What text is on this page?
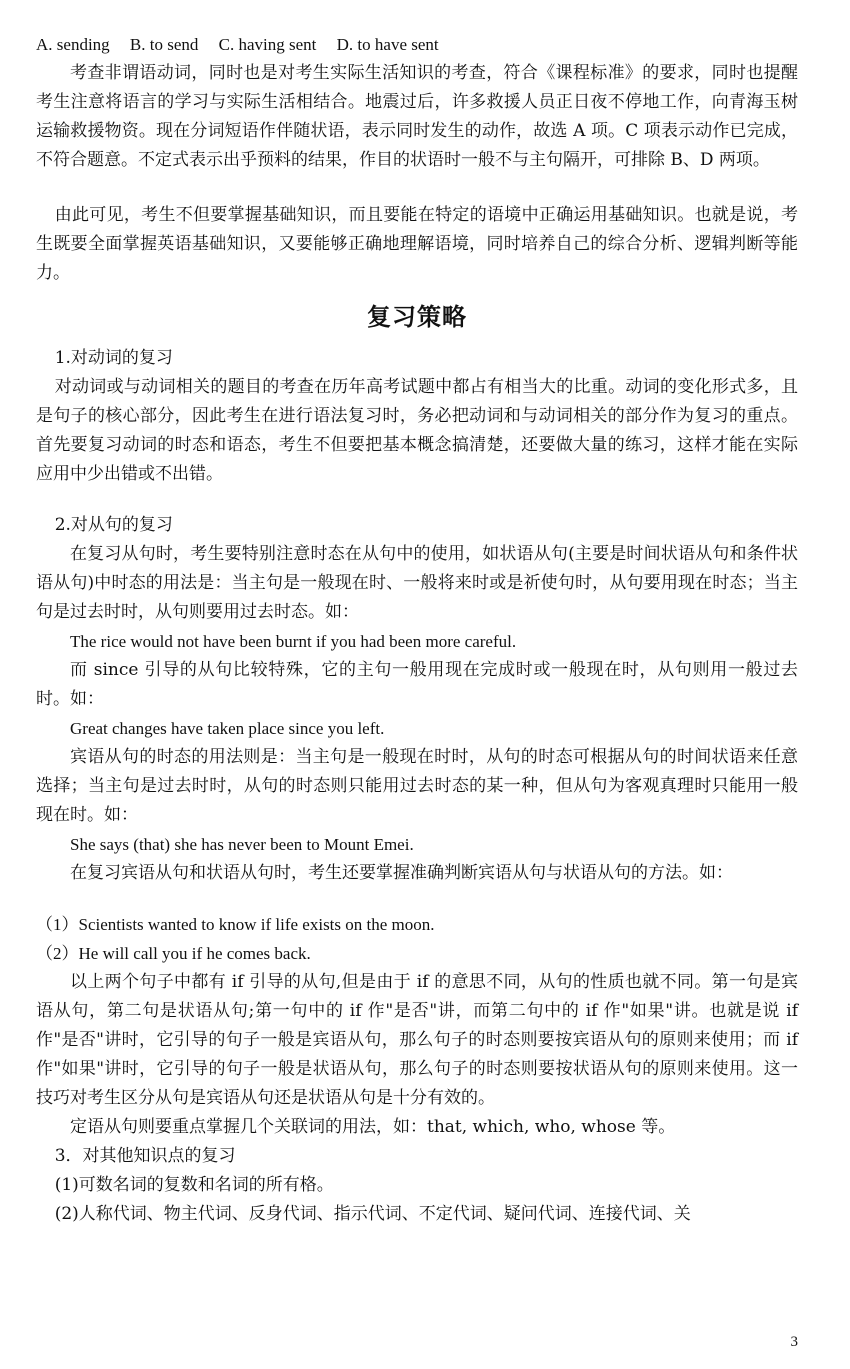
A. sending B. to send C. having sent D. to have sent

考查非谓语动词，同时也是对考生实际生活知识的考查，符合《课程标准》的要求，同时也提醒考生注意将语言的学习与实际生活相结合。地震过后，许多救援人员正日夜不停地工作，向青海玉树运输救援物资。现在分词短语作伴随状语，表示同时发生的动作，故选 A 项。C 项表示动作已完成，不符合题意。不定式表示出乎预料的结果，作目的状语时一般不与主句隔开，可排除 B、D 两项。

由此可见，考生不但要掌握基础知识，而且要能在特定的语境中正确运用基础知识。也就是说，考生既要全面掌握英语基础知识，又要能够正确地理解语境，同时培养自己的综合分析、逻辑判断等能力。

复习策略

1.对动词的复习

对动词或与动词相关的题目的考查在历年高考试题中都占有相当大的比重。动词的变化形式多，且是句子的核心部分，因此考生在进行语法复习时，务必把动词和与动词相关的部分作为复习的重点。首先要复习动词的时态和语态，考生不但要把基本概念搞清楚，还要做大量的练习，这样才能在实际应用中少出错或不出错。

2.对从句的复习

在复习从句时，考生要特别注意时态在从句中的使用，如状语从句(主要是时间状语从句和条件状语从句)中时态的用法是：当主句是一般现在时、一般将来时或是祈使句时，从句要用现在时态；当主句是过去时时，从句则要用过去时态。如：

The rice would not have been burnt if you had been more careful.

而 since 引导的从句比较特殊，它的主句一般用现在完成时或一般现在时，从句则用一般过去时。如：

Great changes have taken place since you left.

宾语从句的时态的用法则是：当主句是一般现在时时，从句的时态可根据从句的时间状语来任意选择；当主句是过去时时，从句的时态则只能用过去时态的某一种，但从句为客观真理时只能用一般现在时。如：

She says (that) she has never been to Mount Emei.

在复习宾语从句和状语从句时，考生还要掌握准确判断宾语从句与状语从句的方法。如：

（1）Scientists wanted to know if life exists on the moon.

（2）He will call you if he comes back.

以上两个句子中都有 if 引导的从句,但是由于 if 的意思不同，从句的性质也就不同。第一句是宾语从句，第二句是状语从句;第一句中的 if 作"是否"讲，而第二句中的 if 作"如果"讲。也就是说 if 作"是否"讲时，它引导的句子一般是宾语从句，那么句子的时态则要按宾语从句的原则来使用；而 if 作"如果"讲时，它引导的句子一般是状语从句，那么句子的时态则要按状语从句的原则来使用。这一技巧对考生区分从句是宾语从句还是状语从句是十分有效的。

定语从句则要重点掌握几个关联词的用法，如：that, which, who, whose 等。

3．对其他知识点的复习

(1)可数名词的复数和名词的所有格。

(2)人称代词、物主代词、反身代词、指示代词、不定代词、疑问代词、连接代词、关

3
